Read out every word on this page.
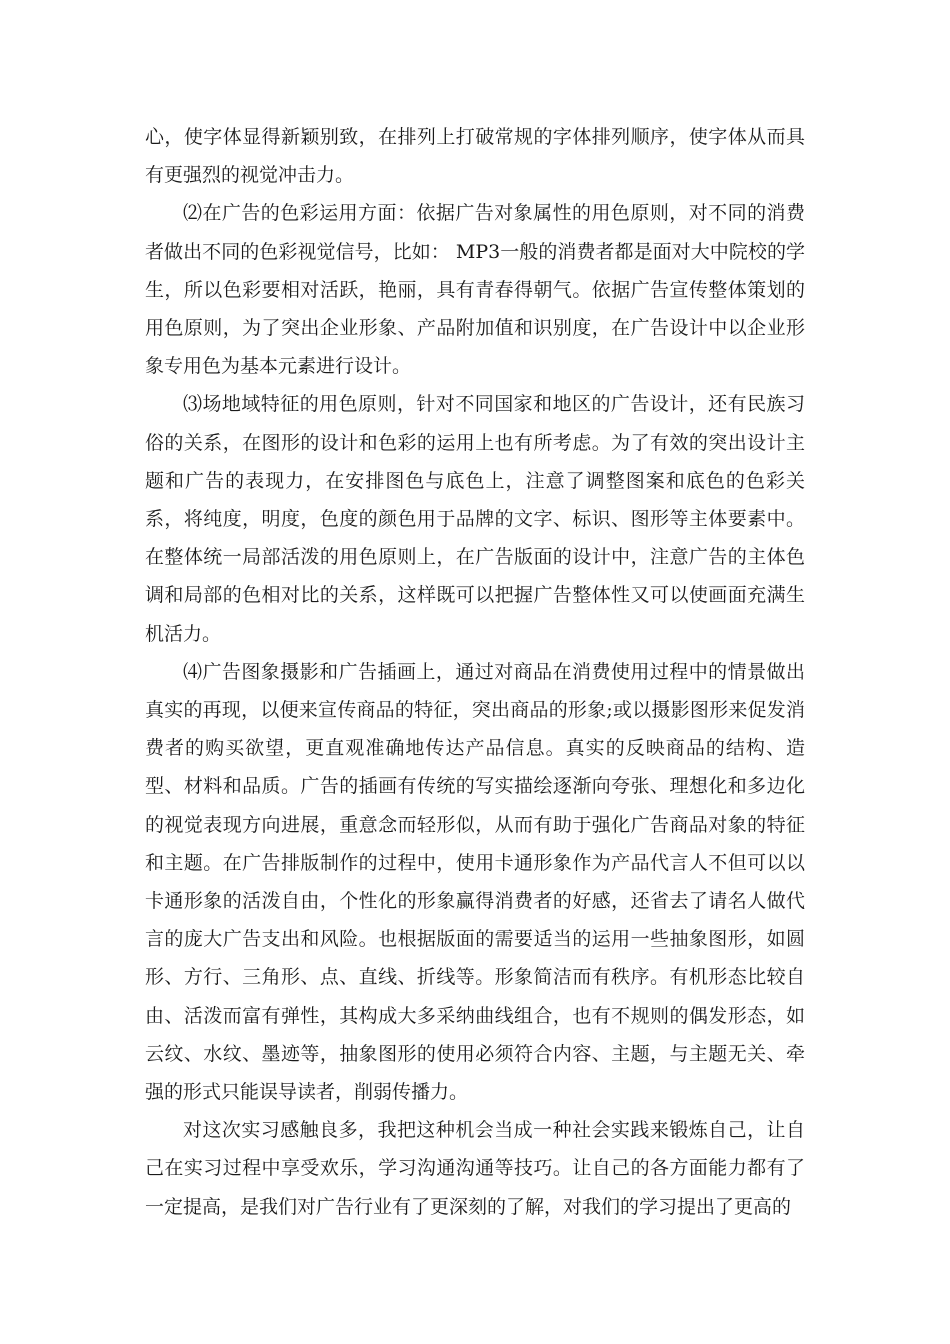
心，使字体显得新颖别致，在排列上打破常规的字体排列顺序，使字体从而具有更强烈的视觉冲击力。

⑵在广告的色彩运用方面：依据广告对象属性的用色原则，对不同的消费者做出不同的色彩视觉信号，比如： MP3一般的消费者都是面对大中院校的学生，所以色彩要相对活跃，艳丽，具有青春得朝气。依据广告宣传整体策划的用色原则，为了突出企业形象、产品附加值和识别度，在广告设计中以企业形象专用色为基本元素进行设计。

⑶场地域特征的用色原则，针对不同国家和地区的广告设计，还有民族习俗的关系，在图形的设计和色彩的运用上也有所考虑。为了有效的突出设计主题和广告的表现力，在安排图色与底色上，注意了调整图案和底色的色彩关系，将纯度，明度，色度的颜色用于品牌的文字、标识、图形等主体要素中。在整体统一局部活泼的用色原则上，在广告版面的设计中，注意广告的主体色调和局部的色相对比的关系，这样既可以把握广告整体性又可以使画面充满生机活力。

⑷广告图象摄影和广告插画上，通过对商品在消费使用过程中的情景做出真实的再现，以便来宣传商品的特征，突出商品的形象;或以摄影图形来促发消费者的购买欲望，更直观准确地传达产品信息。真实的反映商品的结构、造型、材料和品质。广告的插画有传统的写实描绘逐渐向夸张、理想化和多边化的视觉表现方向进展，重意念而轻形似，从而有助于强化广告商品对象的特征和主题。在广告排版制作的过程中，使用卡通形象作为产品代言人不但可以以卡通形象的活泼自由，个性化的形象赢得消费者的好感，还省去了请名人做代言的庞大广告支出和风险。也根据版面的需要适当的运用一些抽象图形，如圆形、方行、三角形、点、直线、折线等。形象简洁而有秩序。有机形态比较自由、活泼而富有弹性，其构成大多采纳曲线组合，也有不规则的偶发形态，如云纹、水纹、墨迹等，抽象图形的使用必须符合内容、主题，与主题无关、牵强的形式只能误导读者，削弱传播力。

对这次实习感触良多，我把这种机会当成一种社会实践来锻炼自己，让自己在实习过程中享受欢乐，学习沟通沟通等技巧。让自己的各方面能力都有了一定提高，是我们对广告行业有了更深刻的了解，对我们的学习提出了更高的
